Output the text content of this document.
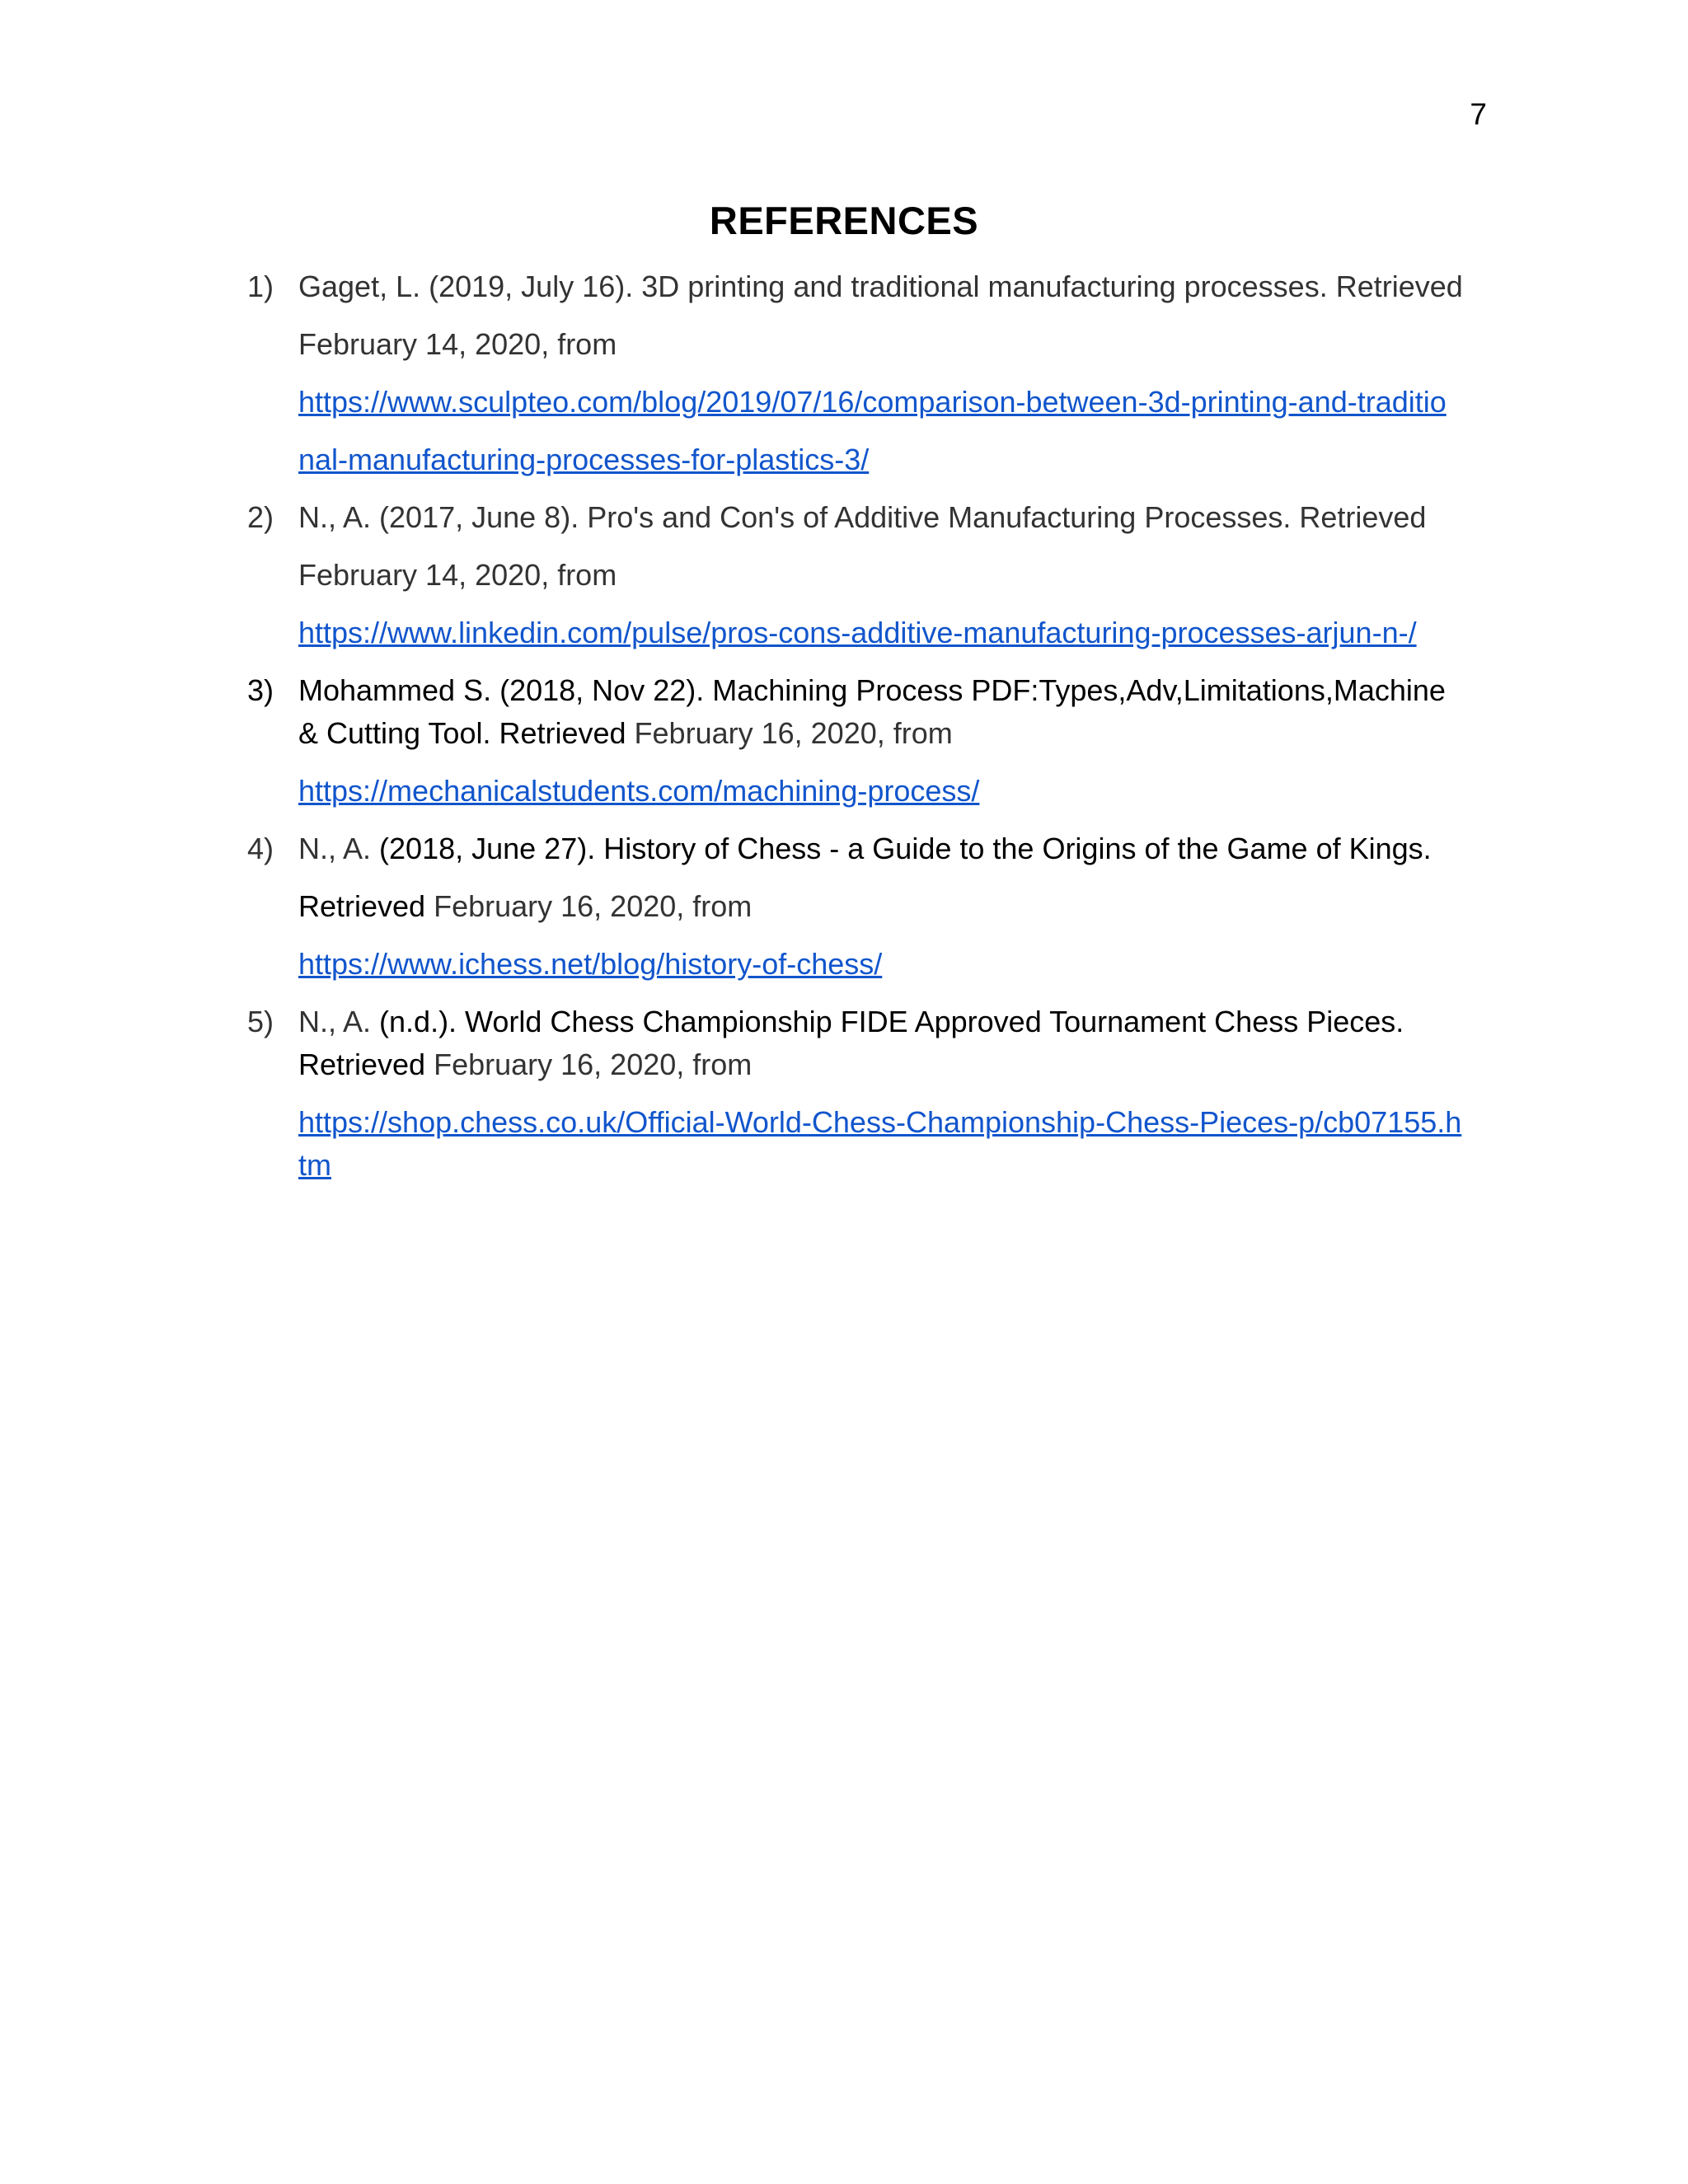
7
REFERENCES
1) Gaget, L. (2019, July 16). 3D printing and traditional manufacturing processes. Retrieved
February 14, 2020, from
https://www.sculpteo.com/blog/2019/07/16/comparison-between-3d-printing-and-traditio
nal-manufacturing-processes-for-plastics-3/
2) N., A. (2017, June 8). Pro's and Con's of Additive Manufacturing Processes. Retrieved
February 14, 2020, from
https://www.linkedin.com/pulse/pros-cons-additive-manufacturing-processes-arjun-n-/
3) Mohammed S. (2018, Nov 22). Machining Process PDF:Types,Adv,Limitations,Machine
& Cutting Tool. Retrieved February 16, 2020, from
https://mechanicalstudents.com/machining-process/
4) N., A. (2018, June 27). History of Chess - a Guide to the Origins of the Game of Kings.
Retrieved February 16, 2020, from
https://www.ichess.net/blog/history-of-chess/
5) N., A. (n.d.). World Chess Championship FIDE Approved Tournament Chess Pieces.
Retrieved February 16, 2020, from
https://shop.chess.co.uk/Official-World-Chess-Championship-Chess-Pieces-p/cb07155.h
tm
